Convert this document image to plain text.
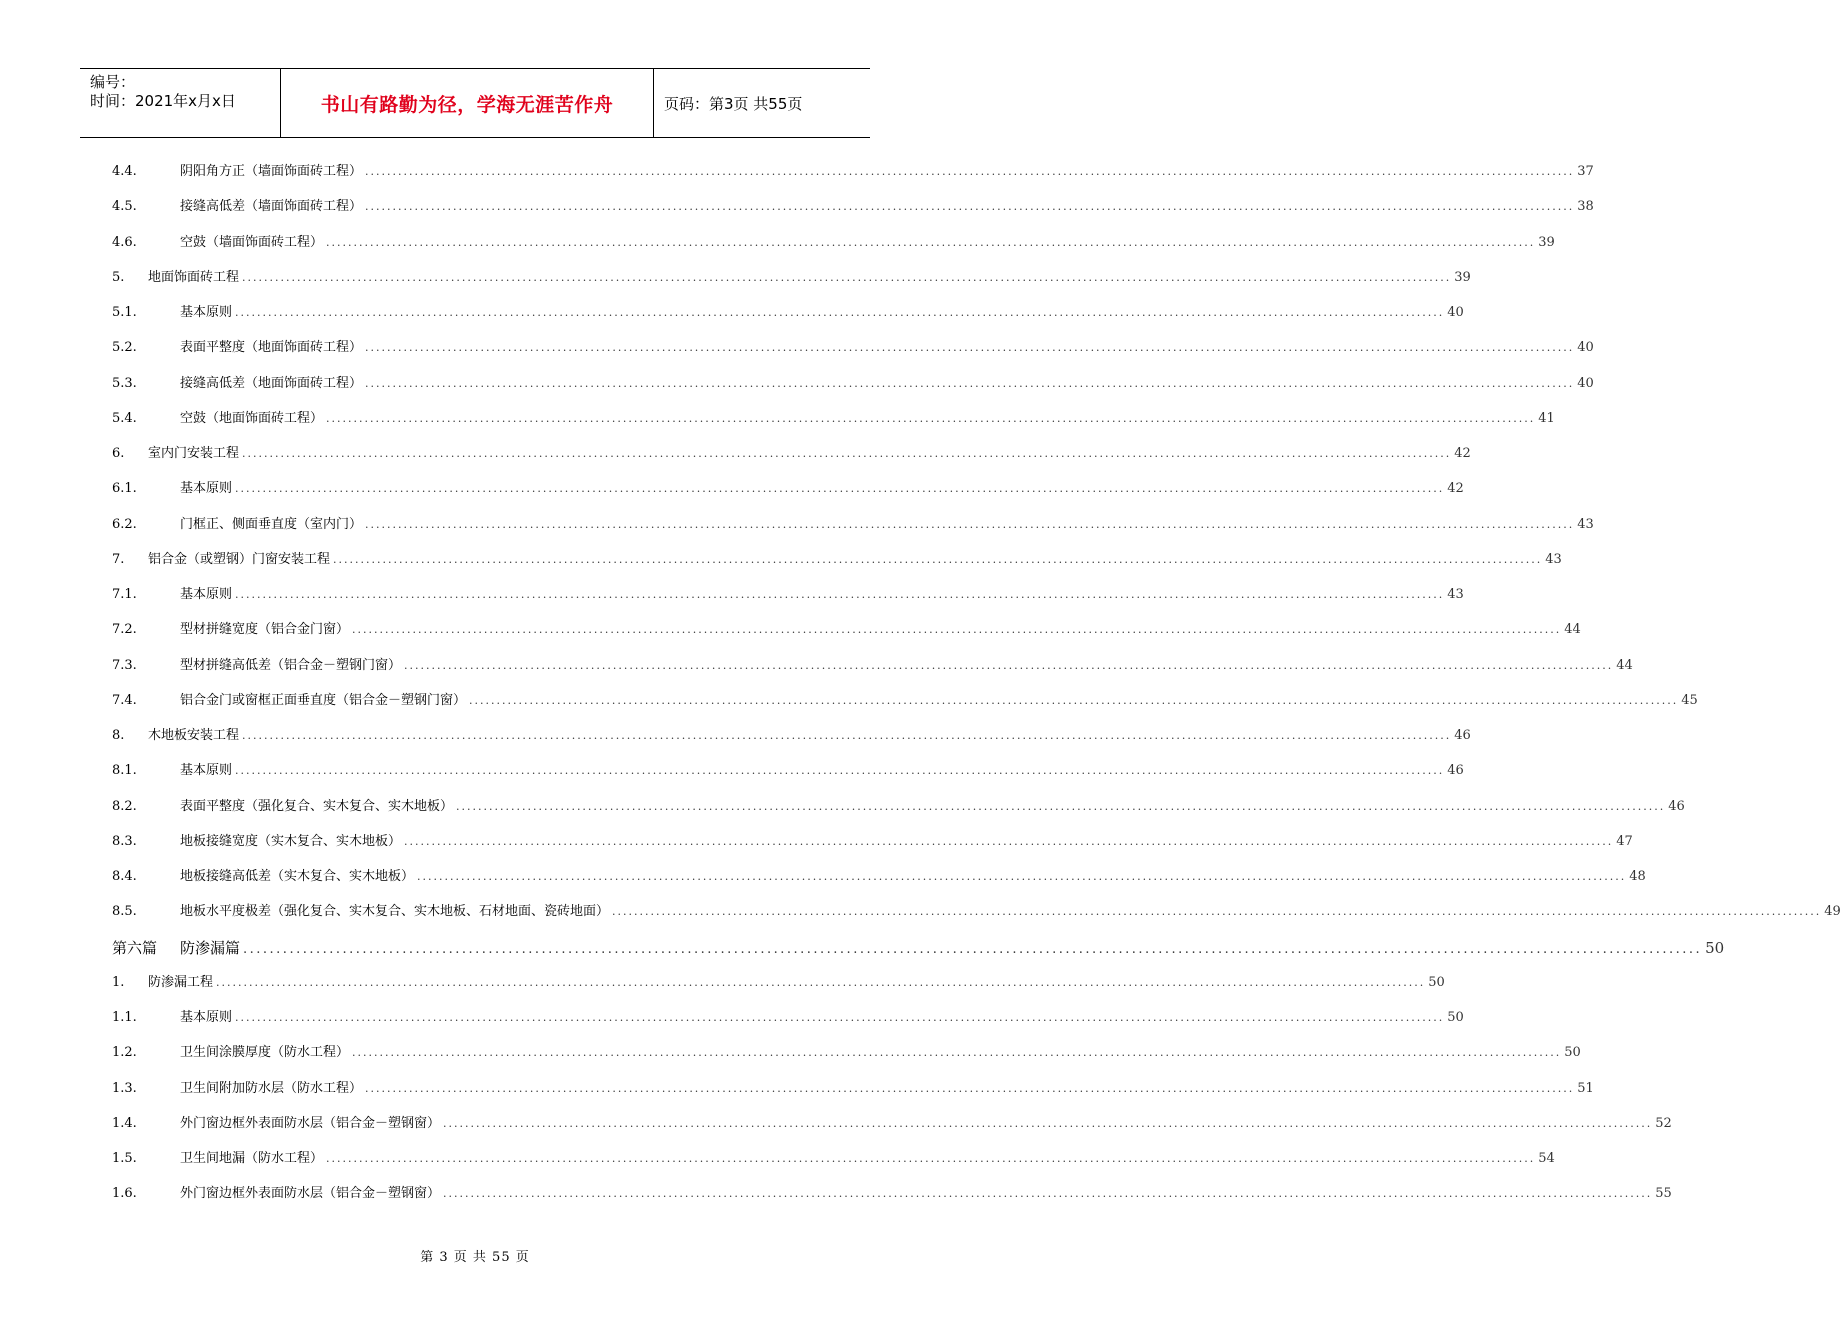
编号：
时间：2021年x月x日	书山有路勤为径，学海无涯苦作舟	页码：第3页 共55页
4.4.	阴阳角方正（墙面饰面砖工程） ............................................................................................................................................................................................................................ 37
4.5.	接缝高低差（墙面饰面砖工程） ............................................................................................................................................................................................................................ 38
4.6.	空鼓（墙面饰面砖工程） ............................................................................................................................................................................................................................ 39
5.	地面饰面砖工程 ............................................................................................................................................................................................................................ 39
5.1.	基本原则 ............................................................................................................................................................................................................................ 40
5.2.	表面平整度（地面饰面砖工程） ............................................................................................................................................................................................................................ 40
5.3.	接缝高低差（地面饰面砖工程） ............................................................................................................................................................................................................................ 40
5.4.	空鼓（地面饰面砖工程） ............................................................................................................................................................................................................................ 41
6.	室内门安装工程 ............................................................................................................................................................................................................................ 42
6.1.	基本原则 ............................................................................................................................................................................................................................ 42
6.2.	门框正、侧面垂直度（室内门） ............................................................................................................................................................................................................................ 43
7.	铝合金（或塑钢）门窗安装工程 ............................................................................................................................................................................................................................ 43
7.1.	基本原则 ............................................................................................................................................................................................................................ 43
7.2.	型材拼缝宽度（铝合金门窗） ............................................................................................................................................................................................................................ 44
7.3.	型材拼缝高低差（铝合金－塑钢门窗） ............................................................................................................................................................................................................................ 44
7.4.	铝合金门或窗框正面垂直度（铝合金－塑钢门窗） ............................................................................................................................................................................................................................ 45
8.	木地板安装工程 ............................................................................................................................................................................................................................ 46
8.1.	基本原则 ............................................................................................................................................................................................................................ 46
8.2.	表面平整度（强化复合、实木复合、实木地板） ............................................................................................................................................................................................................................ 46
8.3.	地板接缝宽度（实木复合、实木地板） ............................................................................................................................................................................................................................ 47
8.4.	地板接缝高低差（实木复合、实木地板） ............................................................................................................................................................................................................................ 48
8.5.	地板水平度极差（强化复合、实木复合、实木地板、石材地面、瓷砖地面） ............................................................................................................................................................................................................................ 49
第六篇	防渗漏篇 ............................................................................................................................................................................................................................ 50
1.	防渗漏工程 ............................................................................................................................................................................................................................ 50
1.1.	基本原则 ............................................................................................................................................................................................................................ 50
1.2.	卫生间涂膜厚度（防水工程） ............................................................................................................................................................................................................................ 50
1.3.	卫生间附加防水层（防水工程） ............................................................................................................................................................................................................................ 51
1.4.	外门窗边框外表面防水层（铝合金－塑钢窗） ............................................................................................................................................................................................................................ 52
1.5.	卫生间地漏（防水工程） ............................................................................................................................................................................................................................ 54
1.6.	外门窗边框外表面防水层（铝合金－塑钢窗） ............................................................................................................................................................................................................................ 55
第 3 页 共 55 页
